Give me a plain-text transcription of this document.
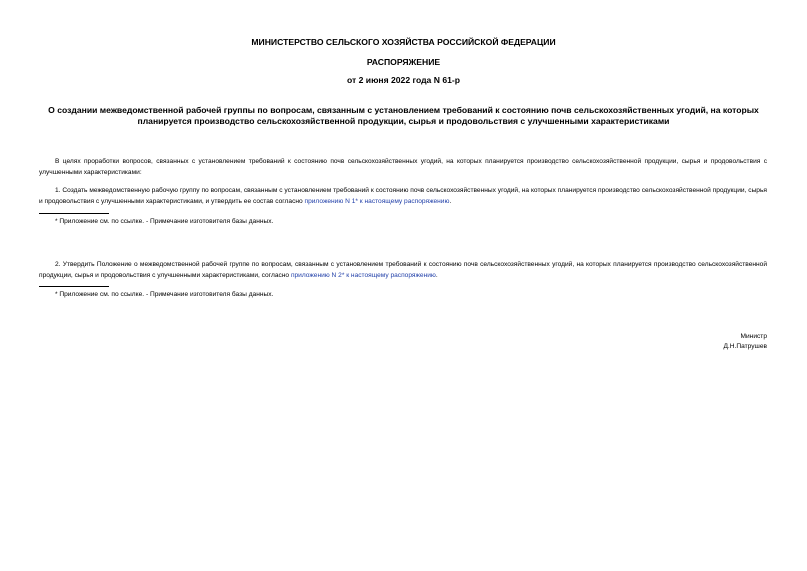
МИНИСТЕРСТВО СЕЛЬСКОГО ХОЗЯЙСТВА РОССИЙСКОЙ ФЕДЕРАЦИИ
РАСПОРЯЖЕНИЕ
от 2 июня 2022 года N 61-р
О создании межведомственной рабочей группы по вопросам, связанным с установлением требований к состоянию почв сельскохозяйственных угодий, на которых планируется производство сельскохозяйственной продукции, сырья и продовольствия с улучшенными характеристиками

В целях проработки вопросов, связанных с установлением требований к состоянию почв сельскохозяйственных угодий, на которых планируется производство сельскохозяйственной продукции, сырья и продовольствия с улучшенными характеристиками:

1. Создать межведомственную рабочую группу по вопросам, связанным с установлением требований к состоянию почв сельскохозяйственных угодий, на которых планируется производство сельскохозяйственной продукции, сырья и продовольствия с улучшенными характеристиками, и утвердить ее состав согласно приложению N 1* к настоящему распоряжению.

* Приложение см. по ссылке. - Примечание изготовителя базы данных.

2. Утвердить Положение о межведомственной рабочей группе по вопросам, связанным с установлением требований к состоянию почв сельскохозяйственных угодий, на которых планируется производство сельскохозяйственной продукции, сырья и продовольствия с улучшенными характеристиками, согласно приложению N 2* к настоящему распоряжению.

* Приложение см. по ссылке. - Примечание изготовителя базы данных.
Министр
Д.Н.Патрушев
